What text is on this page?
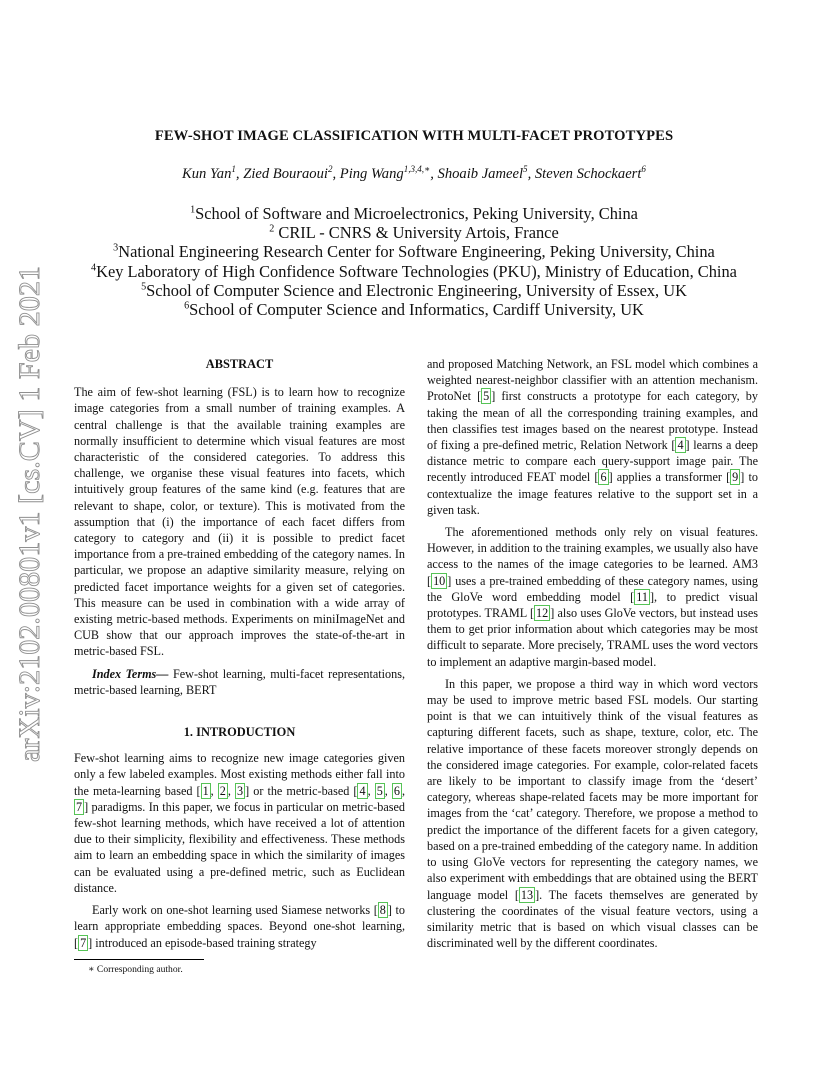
arXiv:2102.00801v1 [cs.CV] 1 Feb 2021
FEW-SHOT IMAGE CLASSIFICATION WITH MULTI-FACET PROTOTYPES
Kun Yan$^1$, Zied Bouraoui$^2$, Ping Wang$^{1,3,4,∗}$, Shoaib Jameel$^5$, Steven Schockaert$^6$
$^1$School of Software and Microelectronics, Peking University, China
$^2$ CRIL - CNRS & University Artois, France
$^3$National Engineering Research Center for Software Engineering, Peking University, China
$^4$Key Laboratory of High Confidence Software Technologies (PKU), Ministry of Education, China
$^5$School of Computer Science and Electronic Engineering, University of Essex, UK
$^6$School of Computer Science and Informatics, Cardiff University, UK
ABSTRACT

The aim of few-shot learning (FSL) is to learn how to recognize image categories from a small number of training examples. A central challenge is that the available training examples are normally insufficient to determine which visual features are most characteristic of the considered categories. To address this challenge, we organise these visual features into facets, which intuitively group features of the same kind (e.g. features that are relevant to shape, color, or texture). This is motivated from the assumption that (i) the importance of each facet differs from category to category and (ii) it is possible to predict facet importance from a pre-trained embedding of the category names. In particular, we propose an adaptive similarity measure, relying on predicted facet importance weights for a given set of categories. This measure can be used in combination with a wide array of existing metric-based methods. Experiments on miniImageNet and CUB show that our approach improves the state-of-the-art in metric-based FSL.

Index Terms— Few-shot learning, multi-facet representations, metric-based learning, BERT

1. INTRODUCTION

Few-shot learning aims to recognize new image categories given only a few labeled examples. Most existing methods either fall into the meta-learning based [ 1 , 2 , 3 ] or the metric-based [ 4 , 5 , 6 , 7 ] paradigms. In this paper, we focus in particular on metric-based few-shot learning methods, which have received a lot of attention due to their simplicity, flexibility and effectiveness. These methods aim to learn an embedding space in which the similarity of images can be evaluated using a pre-defined metric, such as Euclidean distance.

Early work on one-shot learning used Siamese networks [ 8 ] to learn appropriate embedding spaces. Beyond one-shot learning, [ 7 ] introduced an episode-based training strategy

∗ Corresponding author.

and proposed Matching Network, an FSL model which combines a weighted nearest-neighbor classifier with an attention mechanism. ProtoNet [ 5 ] first constructs a prototype for each category, by taking the mean of all the corresponding training examples, and then classifies test images based on the nearest prototype. Instead of fixing a pre-defined metric, Relation Network [ 4 ] learns a deep distance metric to compare each query-support image pair. The recently introduced FEAT model [ 6 ] applies a transformer [ 9 ] to contextualize the image features relative to the support set in a given task.

The aforementioned methods only rely on visual features. However, in addition to the training examples, we usually also have access to the names of the image categories to be learned. AM3 [ 10 ] uses a pre-trained embedding of these category names, using the GloVe word embedding model [ 11 ], to predict visual prototypes. TRAML [ 12 ] also uses GloVe vectors, but instead uses them to get prior information about which categories may be most difficult to separate. More precisely, TRAML uses the word vectors to implement an adaptive margin-based model.

In this paper, we propose a third way in which word vectors may be used to improve metric based FSL models. Our starting point is that we can intuitively think of the visual features as capturing different facets, such as shape, texture, color, etc. The relative importance of these facets moreover strongly depends on the considered image categories. For example, color-related facets are likely to be important to classify image from the ‘desert’ category, whereas shape-related facets may be more important for images from the ‘cat’ category. Therefore, we propose a method to predict the importance of the different facets for a given category, based on a pre-trained embedding of the category name. In addition to using GloVe vectors for representing the category names, we also experiment with embeddings that are obtained using the BERT language model [ 13 ]. The facets themselves are generated by clustering the coordinates of the visual feature vectors, using a similarity metric that is based on which visual classes can be discriminated well by the different coordinates.
